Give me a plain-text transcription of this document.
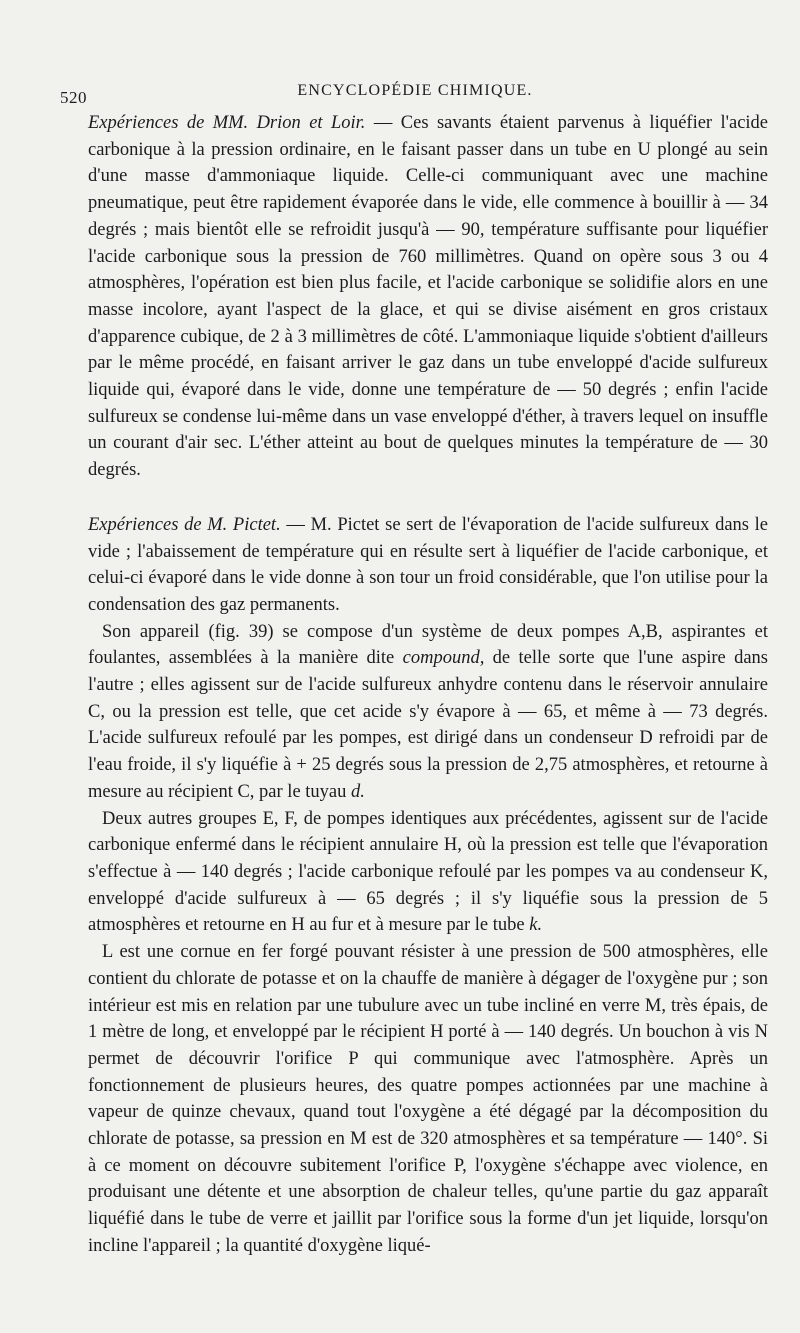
520	ENCYCLOPÉDIE CHIMIQUE.

Expériences de MM. Drion et Loir. — Ces savants étaient parvenus à liquéfier l'acide carbonique à la pression ordinaire, en le faisant passer dans un tube en U plongé au sein d'une masse d'ammoniaque liquide. Celle-ci communiquant avec une machine pneumatique, peut être rapidement évaporée dans le vide, elle commence à bouillir à — 34 degrés ; mais bientôt elle se refroidit jusqu'à — 90, température suffisante pour liquéfier l'acide carbonique sous la pression de 760 millimètres. Quand on opère sous 3 ou 4 atmosphères, l'opération est bien plus facile, et l'acide carbonique se solidifie alors en une masse incolore, ayant l'aspect de la glace, et qui se divise aisément en gros cristaux d'apparence cubique, de 2 à 3 millimètres de côté. L'ammoniaque liquide s'obtient d'ailleurs par le même procédé, en faisant arriver le gaz dans un tube enveloppé d'acide sulfureux liquide qui, évaporé dans le vide, donne une température de — 50 degrés ; enfin l'acide sulfureux se condense lui-même dans un vase enveloppé d'éther, à travers lequel on insuffle un courant d'air sec. L'éther atteint au bout de quelques minutes la température de — 30 degrés.

Expériences de M. Pictet. — M. Pictet se sert de l'évaporation de l'acide sulfureux dans le vide ; l'abaissement de température qui en résulte sert à liquéfier de l'acide carbonique, et celui-ci évaporé dans le vide donne à son tour un froid considérable, que l'on utilise pour la condensation des gaz permanents.

Son appareil (fig. 39) se compose d'un système de deux pompes A,B, aspirantes et foulantes, assemblées à la manière dite compound, de telle sorte que l'une aspire dans l'autre ; elles agissent sur de l'acide sulfureux anhydre contenu dans le réservoir annulaire C, ou la pression est telle, que cet acide s'y évapore à — 65, et même à — 73 degrés. L'acide sulfureux refoulé par les pompes, est dirigé dans un condenseur D refroidi par de l'eau froide, il s'y liquéfie à + 25 degrés sous la pression de 2,75 atmosphères, et retourne à mesure au récipient C, par le tuyau d.

Deux autres groupes E, F, de pompes identiques aux précédentes, agissent sur de l'acide carbonique enfermé dans le récipient annulaire H, où la pression est telle que l'évaporation s'effectue à — 140 degrés ; l'acide carbonique refoulé par les pompes va au condenseur K, enveloppé d'acide sulfureux à — 65 degrés ; il s'y liquéfie sous la pression de 5 atmosphères et retourne en H au fur et à mesure par le tube k.

L est une cornue en fer forgé pouvant résister à une pression de 500 atmosphères, elle contient du chlorate de potasse et on la chauffe de manière à dégager de l'oxygène pur ; son intérieur est mis en relation par une tubulure avec un tube incliné en verre M, très épais, de 1 mètre de long, et enveloppé par le récipient H porté à — 140 degrés. Un bouchon à vis N permet de découvrir l'orifice P qui communique avec l'atmosphère. Après un fonctionnement de plusieurs heures, des quatre pompes actionnées par une machine à vapeur de quinze chevaux, quand tout l'oxygène a été dégagé par la décomposition du chlorate de potasse, sa pression en M est de 320 atmosphères et sa température — 140°. Si à ce moment on découvre subitement l'orifice P, l'oxygène s'échappe avec violence, en produisant une détente et une absorption de chaleur telles, qu'une partie du gaz apparaît liquéfié dans le tube de verre et jaillit par l'orifice sous la forme d'un jet liquide, lorsqu'on incline l'appareil ; la quantité d'oxygène liqué-
